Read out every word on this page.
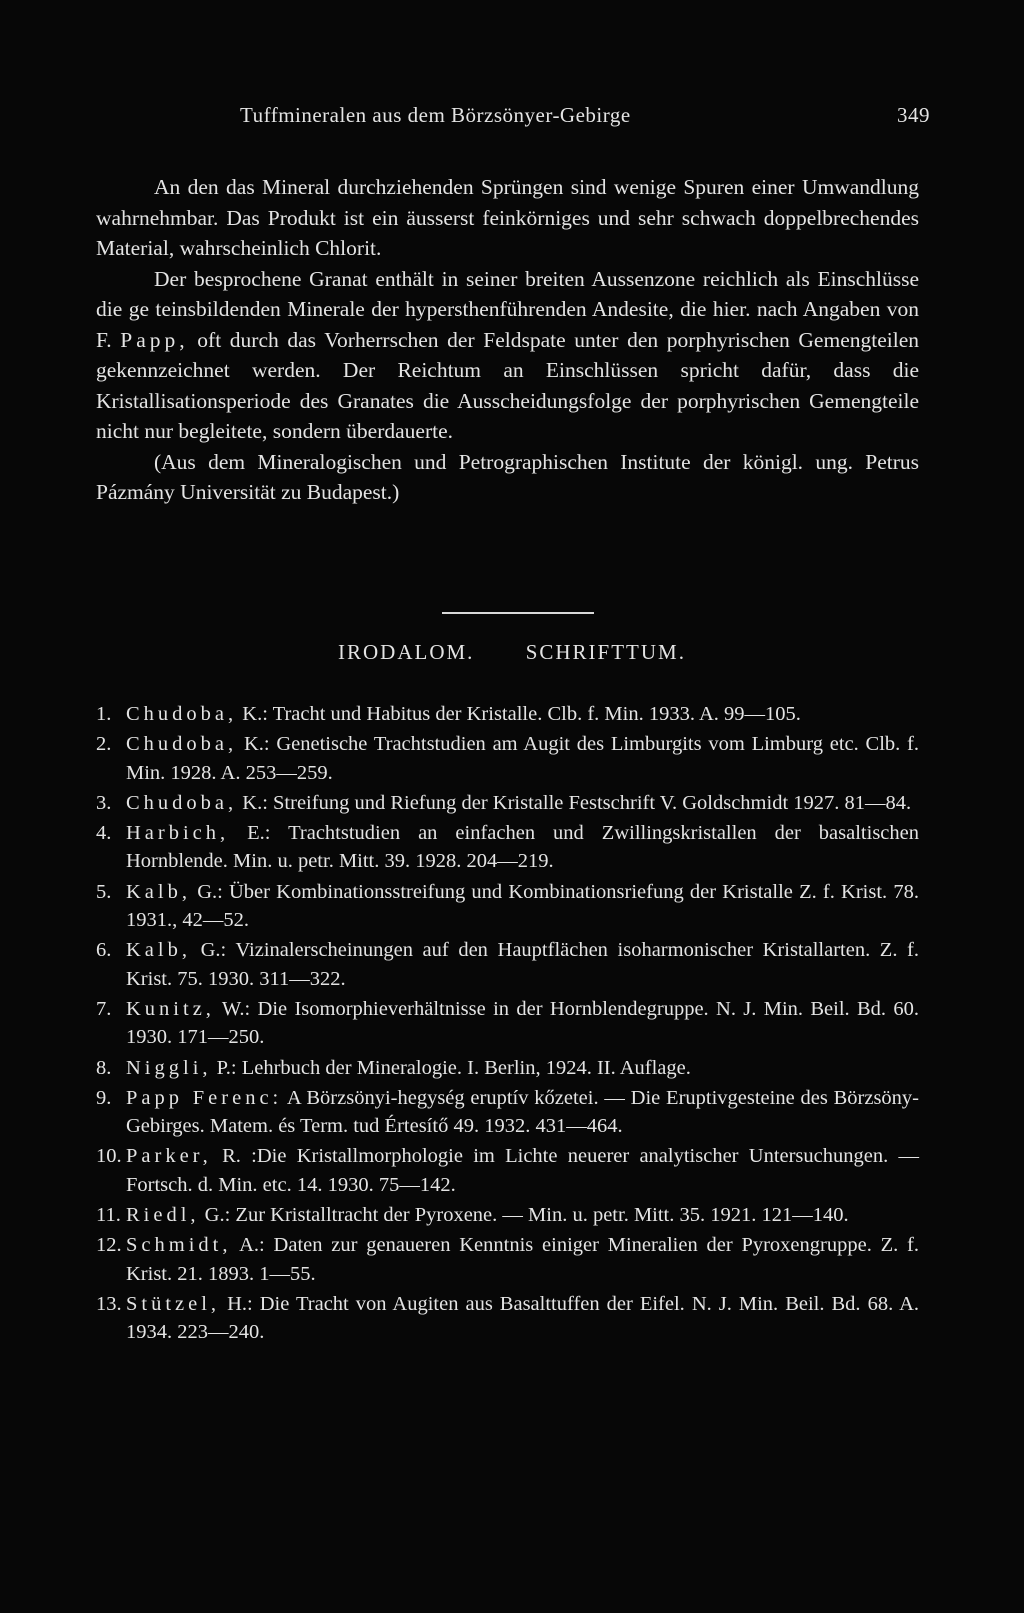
Tuffmineralen aus dem Börzsönyer-Gebirge	349

An den das Mineral durchziehenden Sprüngen sind wenige Spuren einer Umwandlung wahrnehmbar. Das Produkt ist ein äusserst feinkörniges und sehr schwach doppelbrechendes Material, wahrscheinlich Chlorit.

Der besprochene Granat enthält in seiner breiten Aussenzone reichlich als Einschlüsse die ge teinsbildenden Minerale der hypersthenführenden Andesite, die hier. nach Angaben von F. Papp, oft durch das Vorherrschen der Feldspate unter den porphyrischen Gemengteilen gekennzeichnet werden. Der Reichtum an Einschlüssen spricht dafür, dass die Kristallisationsperiode des Granates die Ausscheidungsfolge der porphyrischen Gemengteile nicht nur begleitete, sondern überdauerte.

(Aus dem Mineralogischen und Petrographischen Institute der königl. ung. Petrus Pázmány Universität zu Budapest.)

IRODALOM. SCHRIFTTUM.
1. Chudoba, K.: Tracht und Habitus der Kristalle. Clb. f. Min. 1933. A. 99—105.
2. Chudoba, K.: Genetische Trachtstudien am Augit des Limburgits vom Limburg etc. Clb. f. Min. 1928. A. 253—259.
3. Chudoba, K.: Streifung und Riefung der Kristalle Festschrift V. Goldschmidt 1927. 81—84.
4. Harbich, E.: Trachtstudien an einfachen und Zwillingskristallen der basaltischen Hornblende. Min. u. petr. Mitt. 39. 1928. 204—219.
5. Kalb, G.: Über Kombinationsstreifung und Kombinationsriefung der Kristalle Z. f. Krist. 78. 1931., 42—52.
6. Kalb, G.: Vizinalerscheinungen auf den Hauptflächen isoharmonischer Kristallarten. Z. f. Krist. 75. 1930. 311—322.
7. Kunitz, W.: Die Isomorphieverhältnisse in der Hornblendegruppe. N. J. Min. Beil. Bd. 60. 1930. 171—250.
8. Niggli, P.: Lehrbuch der Mineralogie. I. Berlin, 1924. II. Auflage.
9. Papp Ferenc: A Börzsönyi-hegység eruptív kőzetei. — Die Eruptivgesteine des Börzsöny-Gebirges. Matem. és Term. tud Értesítő 49. 1932. 431—464.
10. Parker, R. :Die Kristallmorphologie im Lichte neuerer analytischer Untersuchungen. — Fortsch. d. Min. etc. 14. 1930. 75—142.
11. Riedl, G.: Zur Kristalltracht der Pyroxene. — Min. u. petr. Mitt. 35. 1921. 121—140.
12. Schmidt, A.: Daten zur genaueren Kenntnis einiger Mineralien der Pyroxengruppe. Z. f. Krist. 21. 1893. 1—55.
13. Stützel, H.: Die Tracht von Augiten aus Basalttuffen der Eifel. N. J. Min. Beil. Bd. 68. A. 1934. 223—240.
